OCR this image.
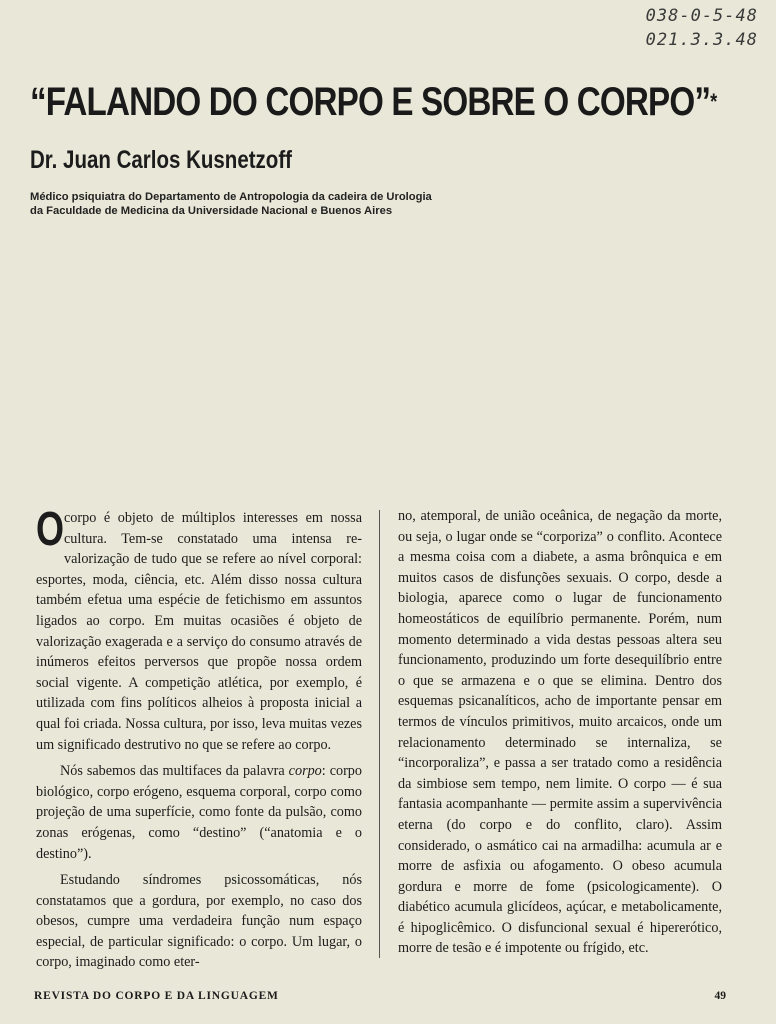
038-0-5-48
021.3.3.48
“FALANDO DO CORPO E SOBRE O CORPO”*
Dr. Juan Carlos Kusnetzoff
Médico psiquiatra do Departamento de Antropologia da cadeira de Urologia
da Faculdade de Medicina da Universidade Nacional e Buenos Aires

Ocorpo é objeto de múltiplos interesses em nossa cultura. Tem-se constatado uma intensa re-valorização de tudo que se refere ao nível corporal: esportes, moda, ciência, etc. Além disso nossa cultura também efetua uma espécie de fetichismo em assuntos ligados ao corpo. Em muitas ocasiões é objeto de valorização exagerada e a serviço do consumo através de inúmeros efeitos perversos que propõe nossa ordem social vigente. A competição atlética, por exemplo, é utilizada com fins políticos alheios à proposta inicial a qual foi criada. Nossa cultura, por isso, leva muitas vezes um significado destrutivo no que se refere ao corpo.

Nós sabemos das multifaces da palavra corpo: corpo biológico, corpo erógeno, esquema corporal, corpo como projeção de uma superfície, como fonte da pulsão, como zonas erógenas, como “destino” (“anatomia e o destino”).

Estudando síndromes psicossomáticas, nós constatamos que a gordura, por exemplo, no caso dos obesos, cumpre uma verdadeira função num espaço especial, de particular significado: o corpo. Um lugar, o corpo, imaginado como eter-

no, atemporal, de união oceânica, de negação da morte, ou seja, o lugar onde se “corporiza” o conflito. Acontece a mesma coisa com a diabete, a asma brônquica e em muitos casos de disfunções sexuais. O corpo, desde a biologia, aparece como o lugar de funcionamento homeostáticos de equilíbrio permanente. Porém, num momento determinado a vida destas pessoas altera seu funcionamento, produzindo um forte desequilíbrio entre o que se armazena e o que se elimina. Dentro dos esquemas psicanalíticos, acho de importante pensar em termos de vínculos primitivos, muito arcaicos, onde um relacionamento determinado se internaliza, se “incorporaliza”, e passa a ser tratado como a residência da simbiose sem tempo, nem limite. O corpo — é sua fantasia acompanhante — permite assim a supervivência eterna (do corpo e do conflito, claro). Assim considerado, o asmático cai na armadilha: acumula ar e morre de asfixia ou afogamento. O obeso acumula gordura e morre de fome (psicologicamente). O diabético acumula glicídeos, açúcar, e metabolicamente, é hipoglicêmico. O disfuncional sexual é hipererótico, morre de tesão e é impotente ou frígido, etc.

REVISTA DO CORPO E DA LINGUAGEM	49
